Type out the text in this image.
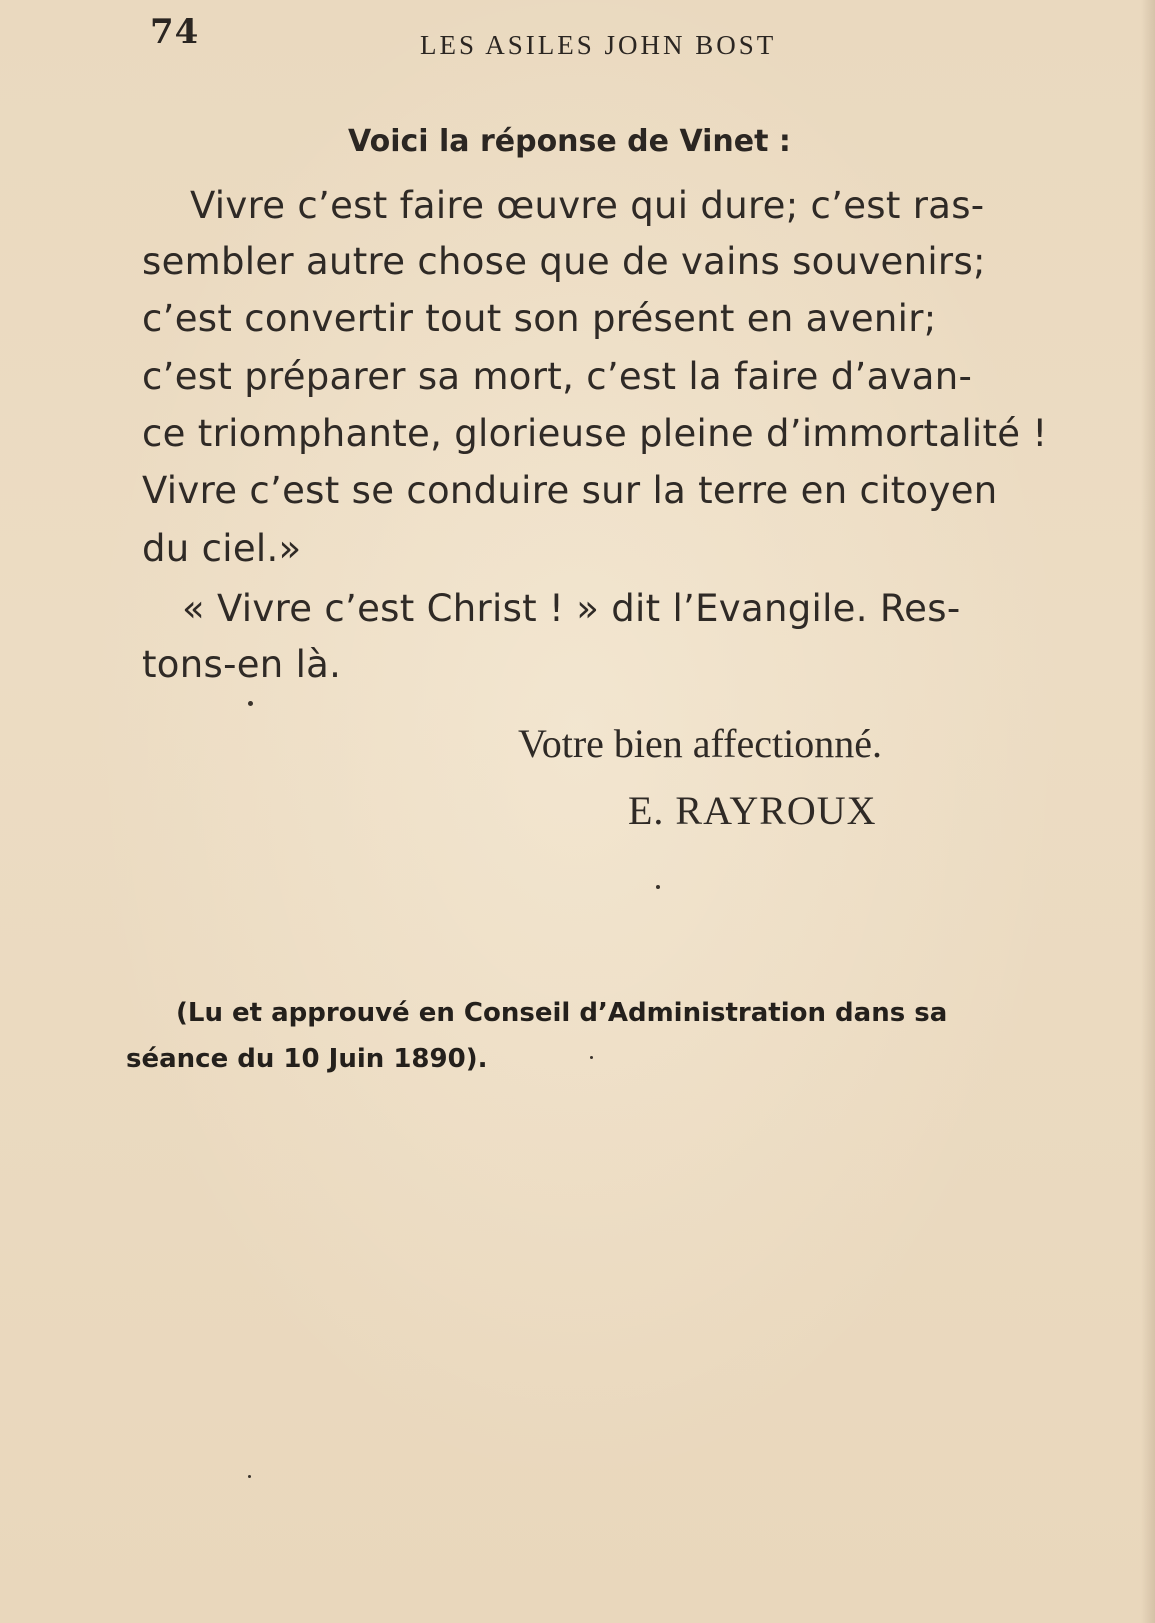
74	LES ASILES JOHN BOST
Voici la réponse de Vinet :
Vivre c’est faire œuvre qui dure; c’est ras-
sembler autre chose que de vains souvenirs;
c’est convertir tout son présent en avenir;
c’est préparer sa mort, c’est la faire d’avan-
ce triomphante, glorieuse pleine d’immortalité !
Vivre c’est se conduire sur la terre en citoyen
du ciel.»
« Vivre c’est Christ ! » dit l’Evangile. Res-
tons-en là.
Votre bien affectionné.
E. RAYROUX
(Lu et approuvé en Conseil d’Administration dans sa
séance du 10 Juin 1890).
